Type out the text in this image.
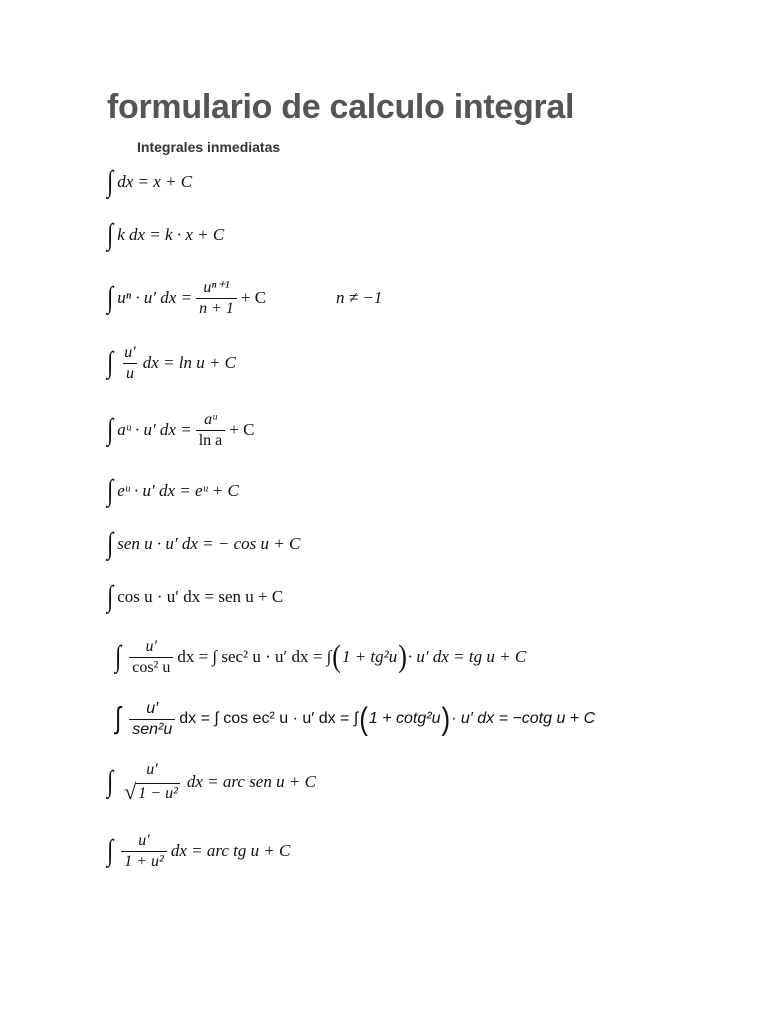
formulario de calculo integral
Integrales inmediatas
∫ dx = x + C
∫ k dx = k · x + C
∫ uⁿ · u′ dx = $\frac{\text{uⁿ⁺¹}}{n + 1} + C$	n ≠ −1
∫ $\frac{u'}{u}$ dx = ln u + C
∫ aᵘ · u′ dx = $\frac{\text{aᵘ}}{\text{ln a}} + C$
∫ eᵘ · u′ dx = eᵘ + C
∫ sen u · u′ dx = − cos u + C
∫ cos u · u′ dx = sen u + C
∫ $\frac{u'}{\text{cos² u}}$ dx = ∫ sec² u · u′ dx = ∫ ( 1 + tg²u ) · u′ dx = tg u + C
∫ $\frac{u'}{\text{sen²u}}$ dx = ∫ cos ec² u · u′ dx = ∫ ( 1 + cotg²u ) · u′ dx = −cotg u + C
∫ u′
√ 1 − u²
dx = arc sen u + C
∫ $\frac{u'}{\text{1 + u²}}$ dx = arc tg u + C
